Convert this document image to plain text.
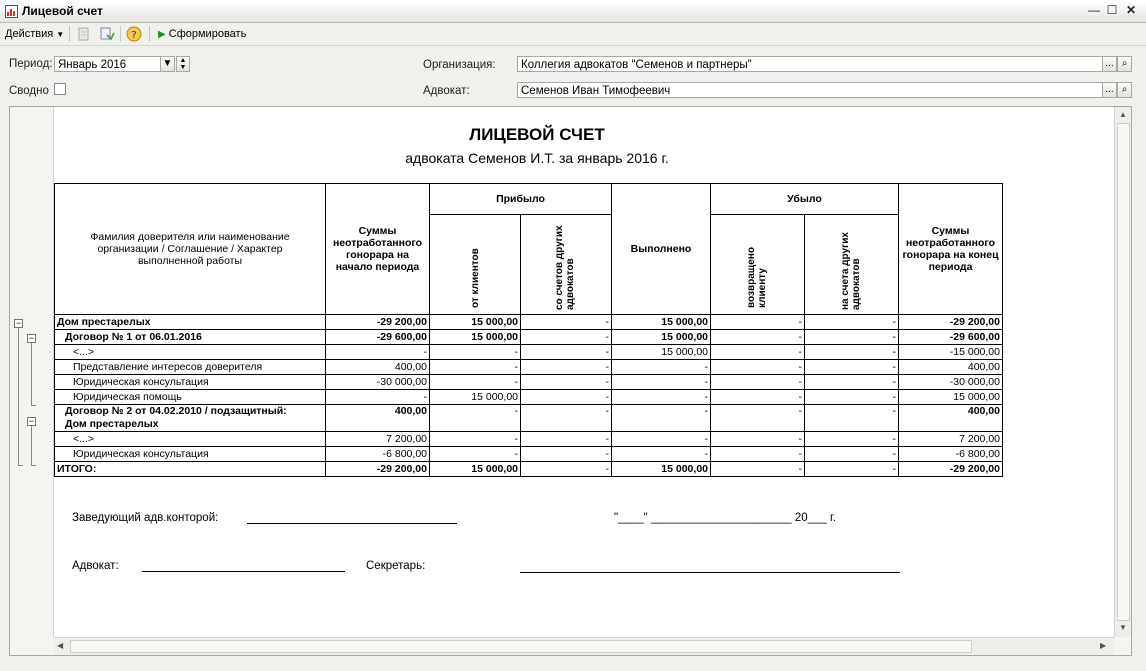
Лицевой счет	— ☐ ✕
Действия ▼	? ▶ Сформировать
Период: Январь 2016	▼	▲
▼
Сводно
Организация:	Коллегия адвокатов "Семенов и партнеры"	... ⌕
Адвокат:	Семенов Иван Тимофеевич	... ⌕
−
−
−
ЛИЦЕВОЙ СЧЕТ
адвоката Семенов И.Т. за январь 2016 г.
Фамилия доверителя или наименование организации / Соглашение / Характер выполненной работы	Суммы неотработанного гонорара на начало периода	Прибыло		Выполнено	Убыло		Суммы неотработанного гонорара на конец периода
		от клиентов	со счетов других адвокатов		возвращено клиенту	на счета других адвокатов	
Дом престарелых	-29 200,00	15 000,00	-	15 000,00	-	-	-29 200,00
Договор № 1 от 06.01.2016	-29 600,00	15 000,00	-	15 000,00	-	-	-29 600,00
<...>	-	-	-	15 000,00	-	-	-15 000,00
Представление интересов доверителя	400,00	-	-	-	-	-	400,00
Юридическая консультация	-30 000,00	-	-	-	-	-	-30 000,00
Юридическая помощь	-	15 000,00	-	-	-	-	15 000,00

Договор № 2 от 04.02.2010 / подзащитный:
Дом престарелых	400,00	-	-	-	-	-	400,00
<...>	7 200,00	-	-	-	-	-	7 200,00
Юридическая консультация	-6 800,00	-	-	-	-	-	-6 800,00
ИТОГО:	-29 200,00	15 000,00	-	15 000,00	-	-	-29 200,00
Заведующий адв.конторой:	"____" ______________________ 20___ г.
Адвокат:	Секретарь:
▲
▼
◀	▶
